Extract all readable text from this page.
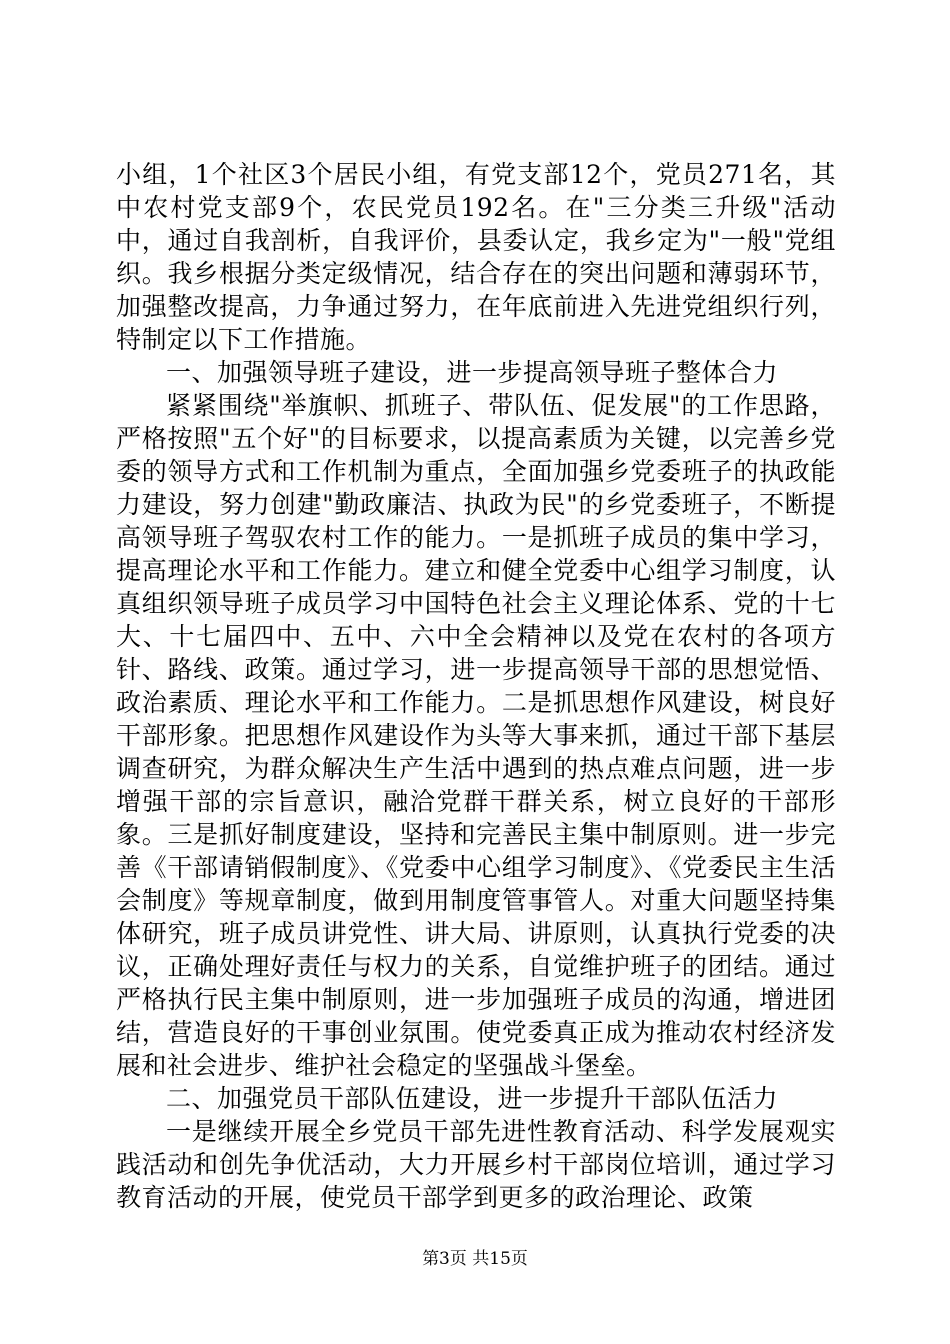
小组，1个社区3个居民小组，有党支部12个，党员271名，其中农村党支部9个，农民党员192名。在"三分类三升级"活动中，通过自我剖析，自我评价，县委认定，我乡定为"一般"党组织。我乡根据分类定级情况，结合存在的突出问题和薄弱环节，加强整改提高，力争通过努力，在年底前进入先进党组织行列，特制定以下工作措施。

一、加强领导班子建设，进一步提高领导班子整体合力

紧紧围绕"举旗帜、抓班子、带队伍、促发展"的工作思路，严格按照"五个好"的目标要求，以提高素质为关键，以完善乡党委的领导方式和工作机制为重点，全面加强乡党委班子的执政能力建设，努力创建"勤政廉洁、执政为民"的乡党委班子，不断提高领导班子驾驭农村工作的能力。一是抓班子成员的集中学习，提高理论水平和工作能力。建立和健全党委中心组学习制度，认真组织领导班子成员学习中国特色社会主义理论体系、党的十七大、十七届四中、五中、六中全会精神以及党在农村的各项方针、路线、政策。通过学习，进一步提高领导干部的思想觉悟、政治素质、理论水平和工作能力。二是抓思想作风建设，树良好干部形象。把思想作风建设作为头等大事来抓，通过干部下基层调查研究，为群众解决生产生活中遇到的热点难点问题，进一步增强干部的宗旨意识，融洽党群干群关系，树立良好的干部形象。三是抓好制度建设，坚持和完善民主集中制原则。进一步完善《干部请销假制度》、《党委中心组学习制度》、《党委民主生活会制度》等规章制度，做到用制度管事管人。对重大问题坚持集体研究，班子成员讲党性、讲大局、讲原则，认真执行党委的决议，正确处理好责任与权力的关系，自觉维护班子的团结。通过严格执行民主集中制原则，进一步加强班子成员的沟通，增进团结，营造良好的干事创业氛围。使党委真正成为推动农村经济发展和社会进步、维护社会稳定的坚强战斗堡垒。

二、加强党员干部队伍建设，进一步提升干部队伍活力

一是继续开展全乡党员干部先进性教育活动、科学发展观实践活动和创先争优活动，大力开展乡村干部岗位培训，通过学习教育活动的开展，使党员干部学到更多的政治理论、政策

第3页 共15页
